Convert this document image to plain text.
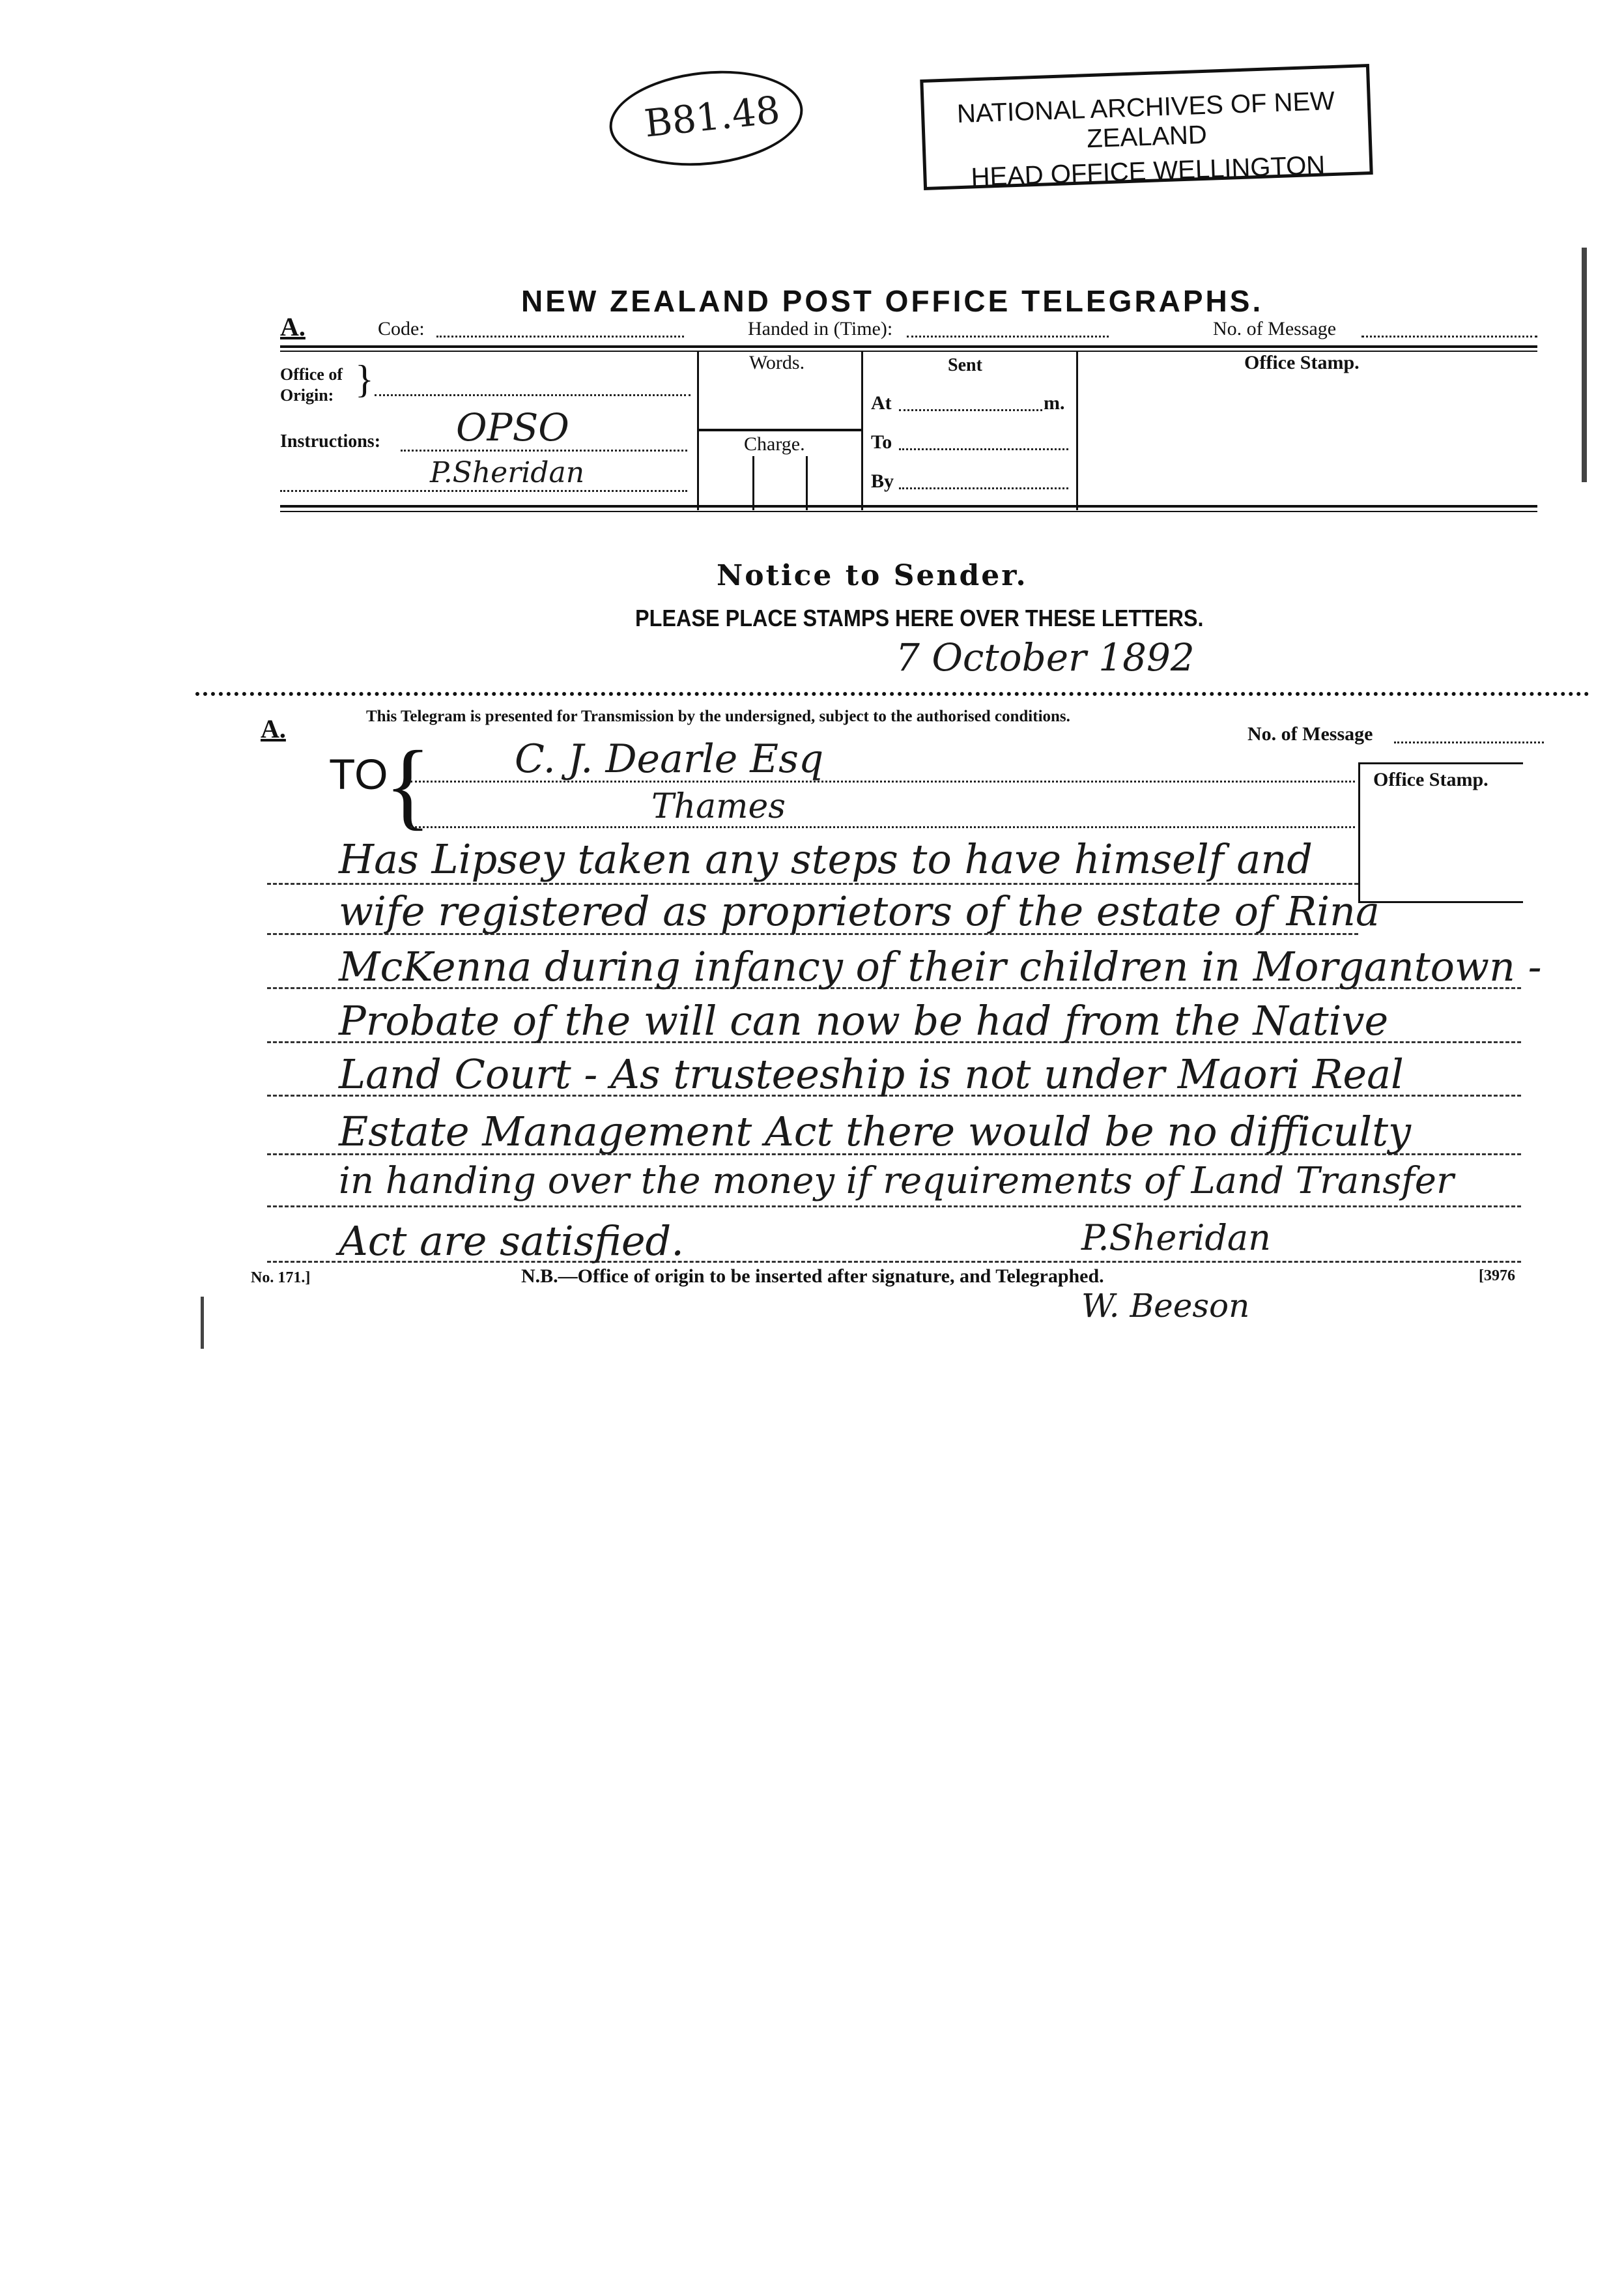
B81.48	NATIONAL ARCHIVES OF NEW ZEALAND
HEAD OFFICE WELLINGTON
NEW ZEALAND POST OFFICE TELEGRAPHS.
A.	Code:	Handed in (Time):	No. of Message
Office of
Origin: }
Instructions: OPSO
P.Sheridan
Words.
Charge.
Sent
At	m.
To
By
Office Stamp.
Notice to Sender.
PLEASE PLACE STAMPS HERE OVER THESE LETTERS.
7 October 1892
A.	This Telegram is presented for Transmission by the undersigned, subject to the authorised conditions.
No. of Message
TO
{ C. J. Dearle Esq
Thames
Office Stamp.
Has Lipsey taken any steps to have himself and
wife registered as proprietors of the estate of Rina
McKenna during infancy of their children in Morgantown -
Probate of the will can now be had from the Native
Land Court - As trusteeship is not under Maori Real
Estate Management Act there would be no difficulty
in handing over the money if requirements of Land Transfer
Act are satisfied.	P.Sheridan
No. 171.]	N.B.—Office of origin to be inserted after signature, and Telegraphed.	[3976
W. Beeson
